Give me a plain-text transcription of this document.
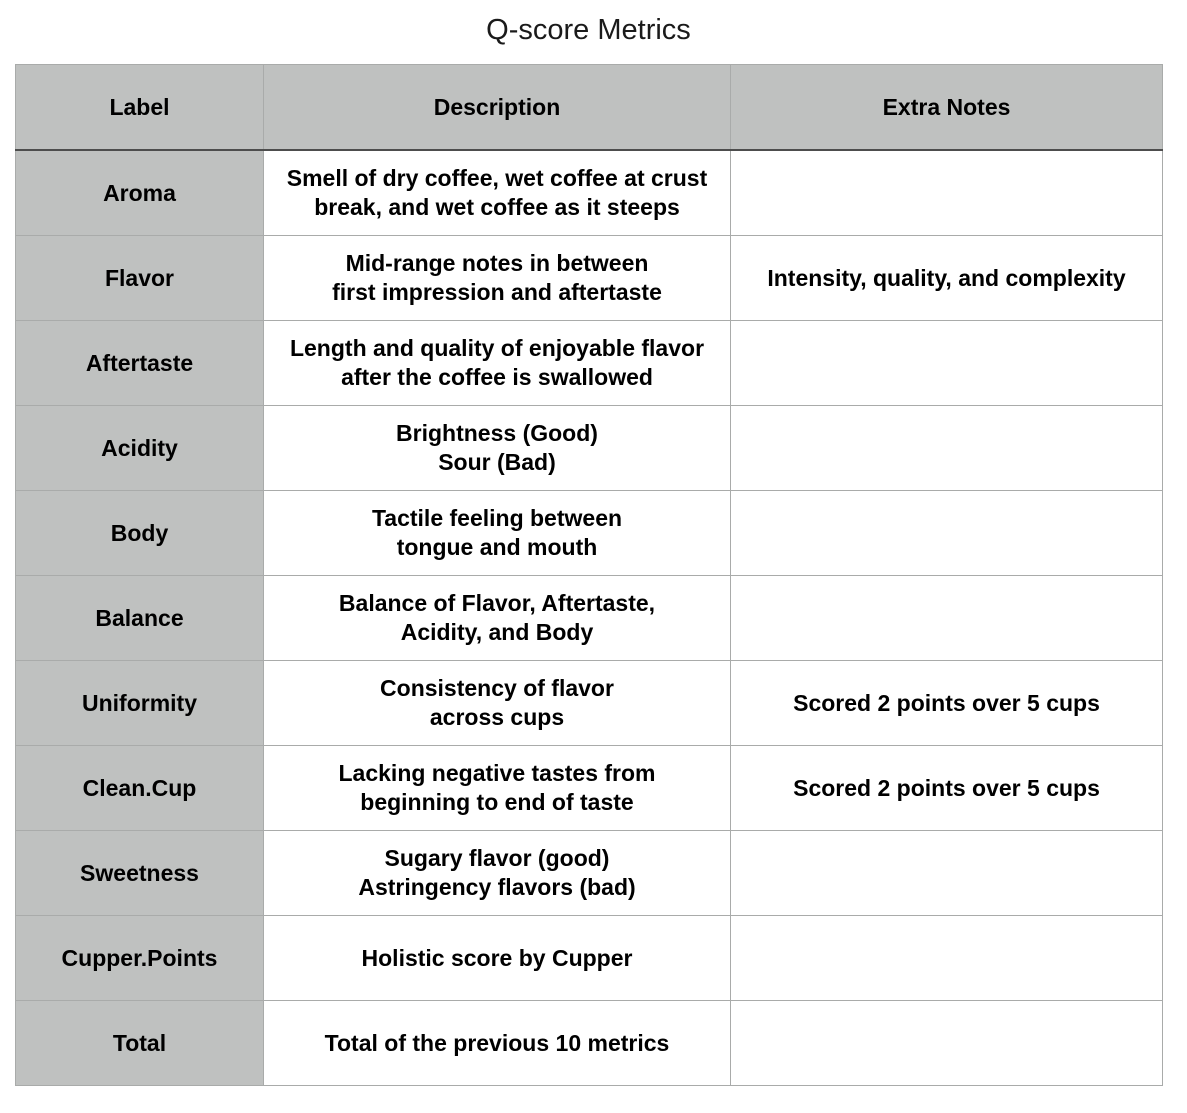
Q-score Metrics
Label	Description	Extra Notes
Aroma	Smell of dry coffee, wet coffee at crust
break, and wet coffee as it steeps	
Flavor	Mid-range notes in between
first impression and aftertaste	Intensity, quality, and complexity
Aftertaste	Length and quality of enjoyable flavor
after the coffee is swallowed	
Acidity	Brightness (Good)
Sour (Bad)	
Body	Tactile feeling between
tongue and mouth	
Balance	Balance of Flavor, Aftertaste,
Acidity, and Body	
Uniformity	Consistency of flavor
across cups	Scored 2 points over 5 cups
Clean.Cup	Lacking negative tastes from
beginning to end of taste	Scored 2 points over 5 cups
Sweetness	Sugary flavor (good)
Astringency flavors (bad)	
Cupper.Points	Holistic score by Cupper	
Total	Total of the previous 10 metrics	
